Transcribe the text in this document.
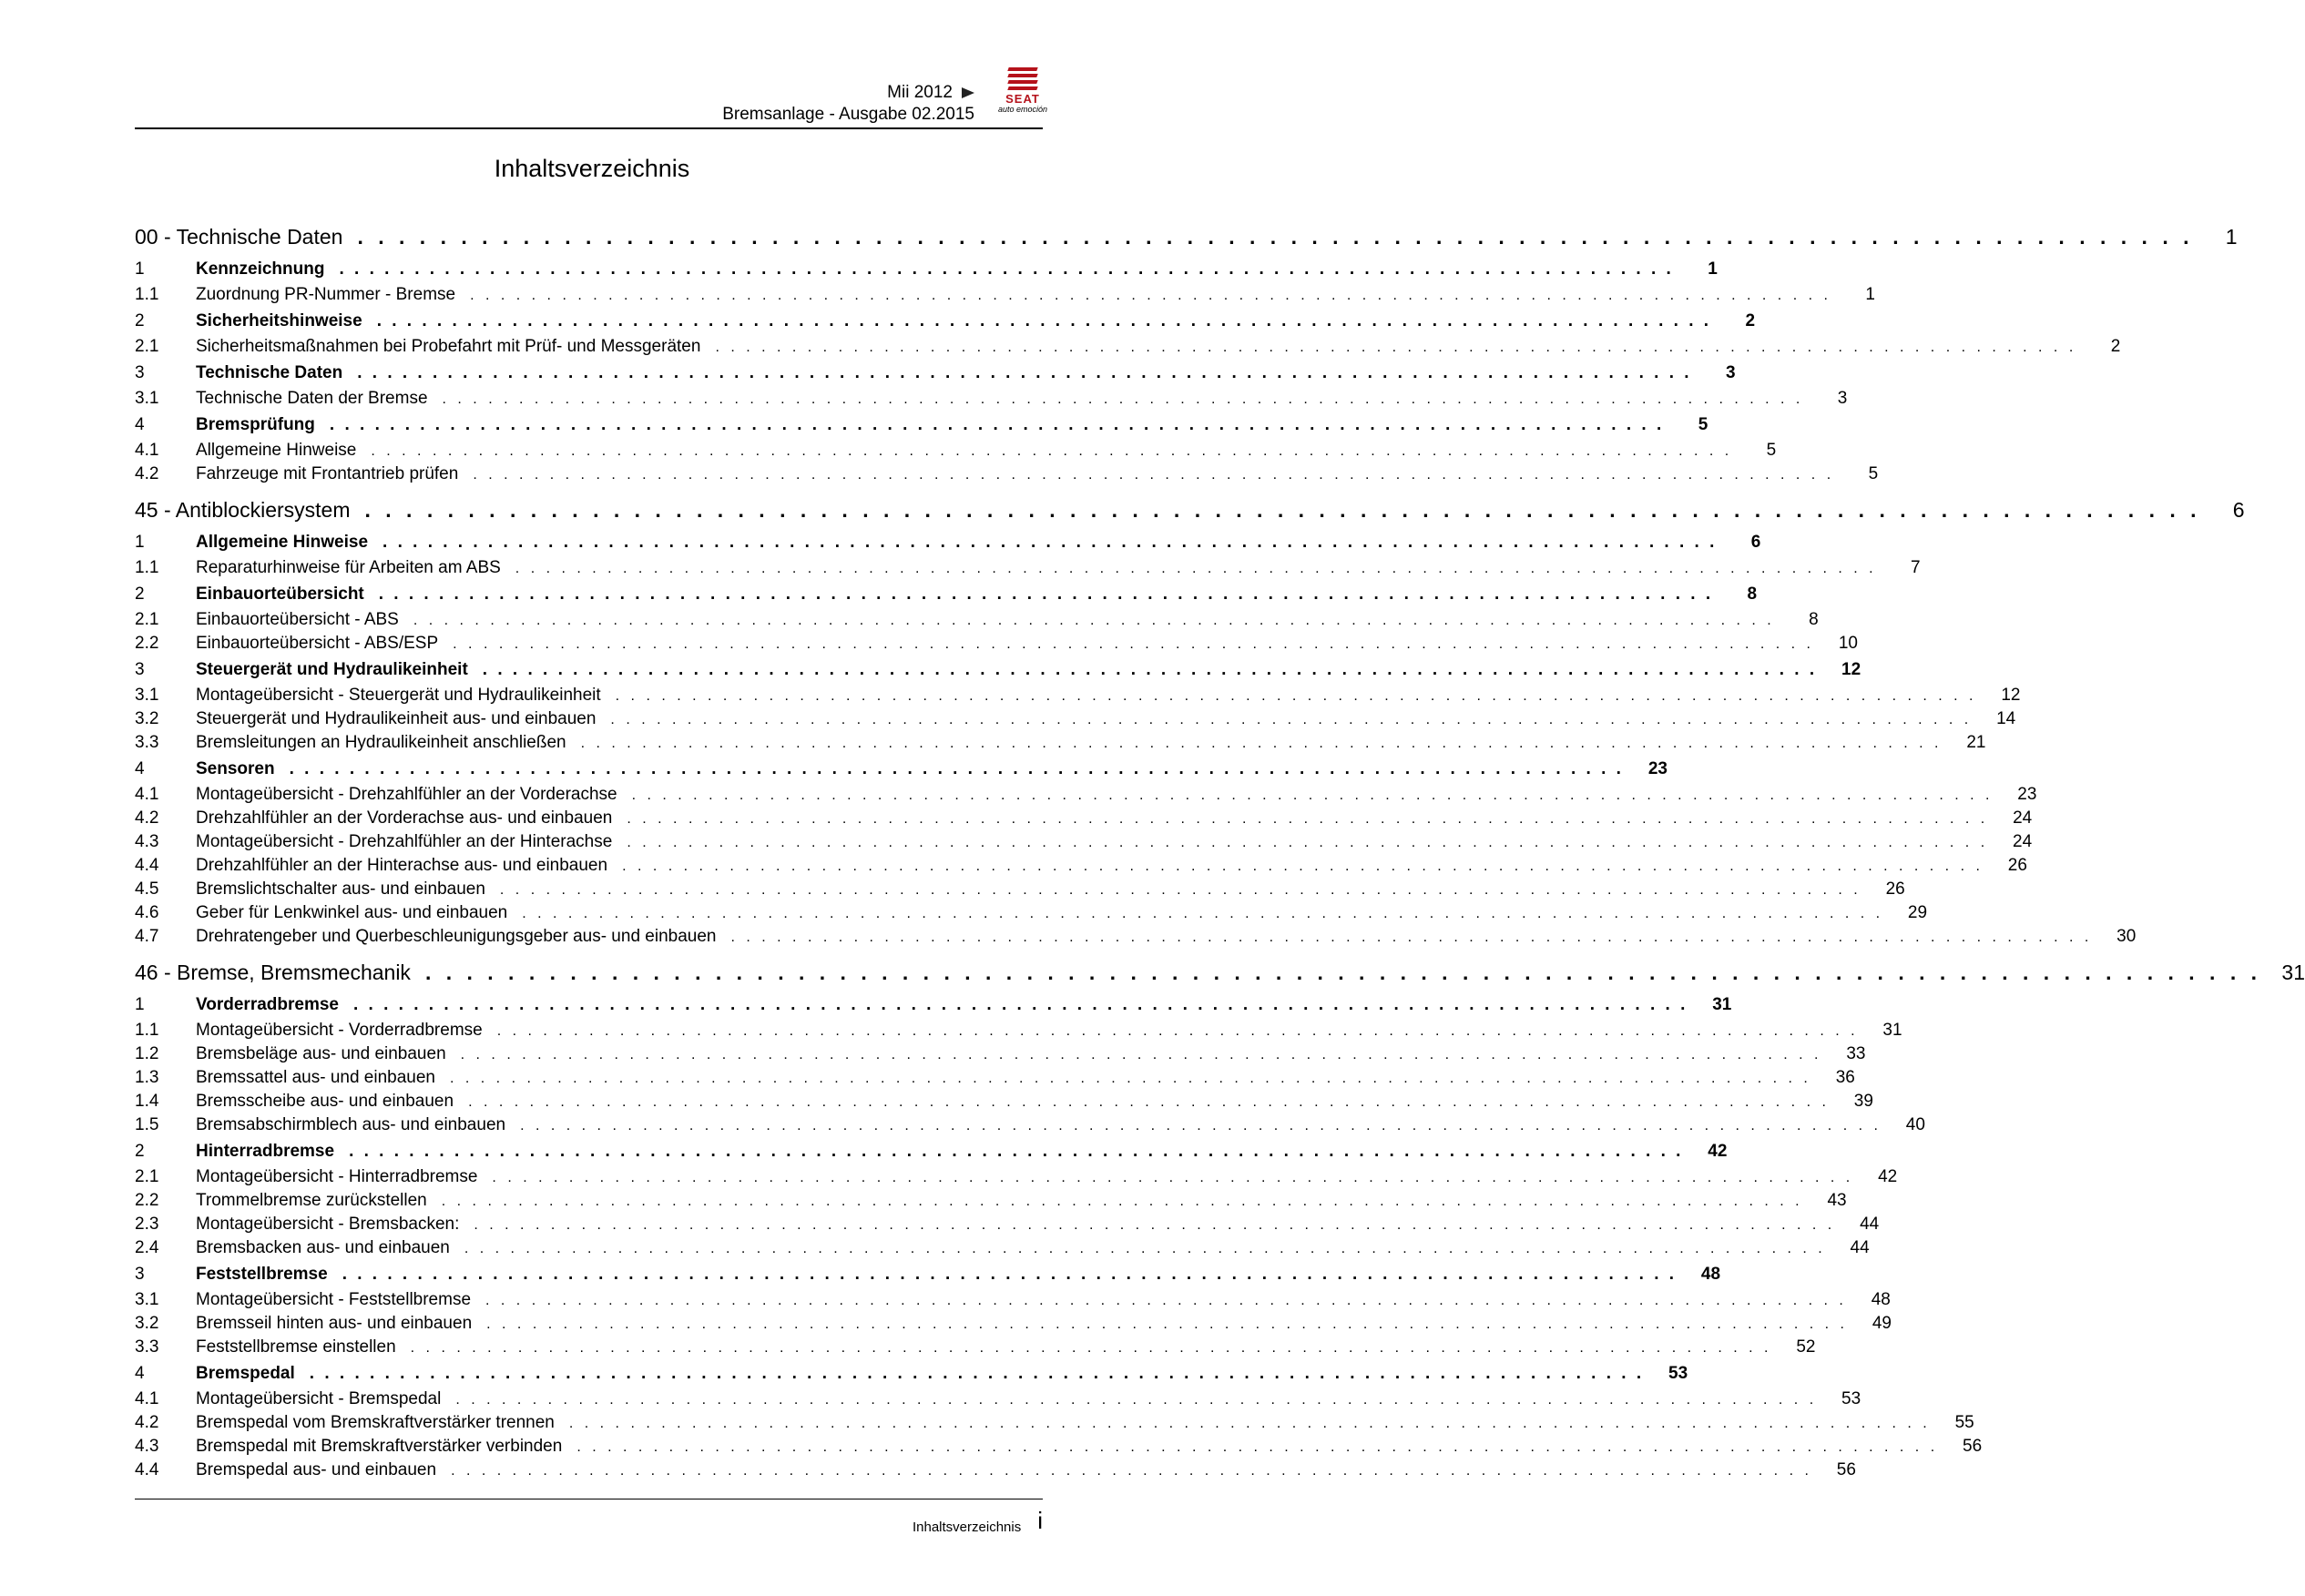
Mii 2012
Bremsanlage - Ausgabe 02.2015
SEAT
auto emoción
Inhaltsverzeichnis
00 - Technische Daten . . . . . . . . . . . . . . . . . . . . . . . . . . . . . . . . . . . . . . . . . . . . . . . . . . . . . . . . . . . . . . . . . . . . . . . . . . . . . . . . . . . . . . . . .	1
1	Kennzeichnung . . . . . . . . . . . . . . . . . . . . . . . . . . . . . . . . . . . . . . . . . . . . . . . . . . . . . . . . . . . . . . . . . . . . . . . . . . . . . . . . . . . . . . . . .	1
1.1	Zuordnung PR-Nummer - Bremse . . . . . . . . . . . . . . . . . . . . . . . . . . . . . . . . . . . . . . . . . . . . . . . . . . . . . . . . . . . . . . . . . . . . . . . . . . . . . . . . . . . . . . . . .	1
2	Sicherheitshinweise . . . . . . . . . . . . . . . . . . . . . . . . . . . . . . . . . . . . . . . . . . . . . . . . . . . . . . . . . . . . . . . . . . . . . . . . . . . . . . . . . . . . . . . . .	2
2.1	Sicherheitsmaßnahmen bei Probefahrt mit Prüf- und Messgeräten . . . . . . . . . . . . . . . . . . . . . . . . . . . . . . . . . . . . . . . . . . . . . . . . . . . . . . . . . . . . . . . . . . . . . . . . . . . . . . . . . . . . . . . . .	2
3	Technische Daten . . . . . . . . . . . . . . . . . . . . . . . . . . . . . . . . . . . . . . . . . . . . . . . . . . . . . . . . . . . . . . . . . . . . . . . . . . . . . . . . . . . . . . . . .	3
3.1	Technische Daten der Bremse . . . . . . . . . . . . . . . . . . . . . . . . . . . . . . . . . . . . . . . . . . . . . . . . . . . . . . . . . . . . . . . . . . . . . . . . . . . . . . . . . . . . . . . . .	3
4	Bremsprüfung . . . . . . . . . . . . . . . . . . . . . . . . . . . . . . . . . . . . . . . . . . . . . . . . . . . . . . . . . . . . . . . . . . . . . . . . . . . . . . . . . . . . . . . . .	5
4.1	Allgemeine Hinweise . . . . . . . . . . . . . . . . . . . . . . . . . . . . . . . . . . . . . . . . . . . . . . . . . . . . . . . . . . . . . . . . . . . . . . . . . . . . . . . . . . . . . . . . .	5
4.2	Fahrzeuge mit Frontantrieb prüfen . . . . . . . . . . . . . . . . . . . . . . . . . . . . . . . . . . . . . . . . . . . . . . . . . . . . . . . . . . . . . . . . . . . . . . . . . . . . . . . . . . . . . . . . .	5
45 - Antiblockiersystem . . . . . . . . . . . . . . . . . . . . . . . . . . . . . . . . . . . . . . . . . . . . . . . . . . . . . . . . . . . . . . . . . . . . . . . . . . . . . . . . . . . . . . . . .	6
1	Allgemeine Hinweise . . . . . . . . . . . . . . . . . . . . . . . . . . . . . . . . . . . . . . . . . . . . . . . . . . . . . . . . . . . . . . . . . . . . . . . . . . . . . . . . . . . . . . . . .	6
1.1	Reparaturhinweise für Arbeiten am ABS . . . . . . . . . . . . . . . . . . . . . . . . . . . . . . . . . . . . . . . . . . . . . . . . . . . . . . . . . . . . . . . . . . . . . . . . . . . . . . . . . . . . . . . . .	7
2	Einbauorteübersicht . . . . . . . . . . . . . . . . . . . . . . . . . . . . . . . . . . . . . . . . . . . . . . . . . . . . . . . . . . . . . . . . . . . . . . . . . . . . . . . . . . . . . . . . .	8
2.1	Einbauorteübersicht - ABS . . . . . . . . . . . . . . . . . . . . . . . . . . . . . . . . . . . . . . . . . . . . . . . . . . . . . . . . . . . . . . . . . . . . . . . . . . . . . . . . . . . . . . . . .	8
2.2	Einbauorteübersicht - ABS/ESP . . . . . . . . . . . . . . . . . . . . . . . . . . . . . . . . . . . . . . . . . . . . . . . . . . . . . . . . . . . . . . . . . . . . . . . . . . . . . . . . . . . . . . . . .	10
3	Steuergerät und Hydraulikeinheit . . . . . . . . . . . . . . . . . . . . . . . . . . . . . . . . . . . . . . . . . . . . . . . . . . . . . . . . . . . . . . . . . . . . . . . . . . . . . . . . . . . . . . . . .	12
3.1	Montageübersicht - Steuergerät und Hydraulikeinheit . . . . . . . . . . . . . . . . . . . . . . . . . . . . . . . . . . . . . . . . . . . . . . . . . . . . . . . . . . . . . . . . . . . . . . . . . . . . . . . . . . . . . . . . .	12
3.2	Steuergerät und Hydraulikeinheit aus- und einbauen . . . . . . . . . . . . . . . . . . . . . . . . . . . . . . . . . . . . . . . . . . . . . . . . . . . . . . . . . . . . . . . . . . . . . . . . . . . . . . . . . . . . . . . . .	14
3.3	Bremsleitungen an Hydraulikeinheit anschließen . . . . . . . . . . . . . . . . . . . . . . . . . . . . . . . . . . . . . . . . . . . . . . . . . . . . . . . . . . . . . . . . . . . . . . . . . . . . . . . . . . . . . . . . .	21
4	Sensoren . . . . . . . . . . . . . . . . . . . . . . . . . . . . . . . . . . . . . . . . . . . . . . . . . . . . . . . . . . . . . . . . . . . . . . . . . . . . . . . . . . . . . . . . .	23
4.1	Montageübersicht - Drehzahlfühler an der Vorderachse . . . . . . . . . . . . . . . . . . . . . . . . . . . . . . . . . . . . . . . . . . . . . . . . . . . . . . . . . . . . . . . . . . . . . . . . . . . . . . . . . . . . . . . . .	23
4.2	Drehzahlfühler an der Vorderachse aus- und einbauen . . . . . . . . . . . . . . . . . . . . . . . . . . . . . . . . . . . . . . . . . . . . . . . . . . . . . . . . . . . . . . . . . . . . . . . . . . . . . . . . . . . . . . . . .	24
4.3	Montageübersicht - Drehzahlfühler an der Hinterachse . . . . . . . . . . . . . . . . . . . . . . . . . . . . . . . . . . . . . . . . . . . . . . . . . . . . . . . . . . . . . . . . . . . . . . . . . . . . . . . . . . . . . . . . .	24
4.4	Drehzahlfühler an der Hinterachse aus- und einbauen . . . . . . . . . . . . . . . . . . . . . . . . . . . . . . . . . . . . . . . . . . . . . . . . . . . . . . . . . . . . . . . . . . . . . . . . . . . . . . . . . . . . . . . . .	26
4.5	Bremslichtschalter aus- und einbauen . . . . . . . . . . . . . . . . . . . . . . . . . . . . . . . . . . . . . . . . . . . . . . . . . . . . . . . . . . . . . . . . . . . . . . . . . . . . . . . . . . . . . . . . .	26
4.6	Geber für Lenkwinkel aus- und einbauen . . . . . . . . . . . . . . . . . . . . . . . . . . . . . . . . . . . . . . . . . . . . . . . . . . . . . . . . . . . . . . . . . . . . . . . . . . . . . . . . . . . . . . . . .	29
4.7	Drehratengeber und Querbeschleunigungsgeber aus- und einbauen . . . . . . . . . . . . . . . . . . . . . . . . . . . . . . . . . . . . . . . . . . . . . . . . . . . . . . . . . . . . . . . . . . . . . . . . . . . . . . . . . . . . . . . . .	30
46 - Bremse, Bremsmechanik . . . . . . . . . . . . . . . . . . . . . . . . . . . . . . . . . . . . . . . . . . . . . . . . . . . . . . . . . . . . . . . . . . . . . . . . . . . . . . . . . . . . . . . . . 31
1	Vorderradbremse . . . . . . . . . . . . . . . . . . . . . . . . . . . . . . . . . . . . . . . . . . . . . . . . . . . . . . . . . . . . . . . . . . . . . . . . . . . . . . . . . . . . . . . . .	31
1.1	Montageübersicht - Vorderradbremse . . . . . . . . . . . . . . . . . . . . . . . . . . . . . . . . . . . . . . . . . . . . . . . . . . . . . . . . . . . . . . . . . . . . . . . . . . . . . . . . . . . . . . . . .	31
1.2	Bremsbeläge aus- und einbauen . . . . . . . . . . . . . . . . . . . . . . . . . . . . . . . . . . . . . . . . . . . . . . . . . . . . . . . . . . . . . . . . . . . . . . . . . . . . . . . . . . . . . . . . .	33
1.3	Bremssattel aus- und einbauen . . . . . . . . . . . . . . . . . . . . . . . . . . . . . . . . . . . . . . . . . . . . . . . . . . . . . . . . . . . . . . . . . . . . . . . . . . . . . . . . . . . . . . . . .	36
1.4	Bremsscheibe aus- und einbauen . . . . . . . . . . . . . . . . . . . . . . . . . . . . . . . . . . . . . . . . . . . . . . . . . . . . . . . . . . . . . . . . . . . . . . . . . . . . . . . . . . . . . . . . .	39
1.5	Bremsabschirmblech aus- und einbauen . . . . . . . . . . . . . . . . . . . . . . . . . . . . . . . . . . . . . . . . . . . . . . . . . . . . . . . . . . . . . . . . . . . . . . . . . . . . . . . . . . . . . . . . .	40
2	Hinterradbremse . . . . . . . . . . . . . . . . . . . . . . . . . . . . . . . . . . . . . . . . . . . . . . . . . . . . . . . . . . . . . . . . . . . . . . . . . . . . . . . . . . . . . . . . .	42
2.1	Montageübersicht - Hinterradbremse . . . . . . . . . . . . . . . . . . . . . . . . . . . . . . . . . . . . . . . . . . . . . . . . . . . . . . . . . . . . . . . . . . . . . . . . . . . . . . . . . . . . . . . . .	42
2.2	Trommelbremse zurückstellen . . . . . . . . . . . . . . . . . . . . . . . . . . . . . . . . . . . . . . . . . . . . . . . . . . . . . . . . . . . . . . . . . . . . . . . . . . . . . . . . . . . . . . . . .	43
2.3	Montageübersicht - Bremsbacken: . . . . . . . . . . . . . . . . . . . . . . . . . . . . . . . . . . . . . . . . . . . . . . . . . . . . . . . . . . . . . . . . . . . . . . . . . . . . . . . . . . . . . . . . .	44
2.4	Bremsbacken aus- und einbauen . . . . . . . . . . . . . . . . . . . . . . . . . . . . . . . . . . . . . . . . . . . . . . . . . . . . . . . . . . . . . . . . . . . . . . . . . . . . . . . . . . . . . . . . .	44
3	Feststellbremse . . . . . . . . . . . . . . . . . . . . . . . . . . . . . . . . . . . . . . . . . . . . . . . . . . . . . . . . . . . . . . . . . . . . . . . . . . . . . . . . . . . . . . . . .	48
3.1	Montageübersicht - Feststellbremse . . . . . . . . . . . . . . . . . . . . . . . . . . . . . . . . . . . . . . . . . . . . . . . . . . . . . . . . . . . . . . . . . . . . . . . . . . . . . . . . . . . . . . . . .	48
3.2	Bremsseil hinten aus- und einbauen . . . . . . . . . . . . . . . . . . . . . . . . . . . . . . . . . . . . . . . . . . . . . . . . . . . . . . . . . . . . . . . . . . . . . . . . . . . . . . . . . . . . . . . . .	49
3.3	Feststellbremse einstellen . . . . . . . . . . . . . . . . . . . . . . . . . . . . . . . . . . . . . . . . . . . . . . . . . . . . . . . . . . . . . . . . . . . . . . . . . . . . . . . . . . . . . . . . .	52
4	Bremspedal . . . . . . . . . . . . . . . . . . . . . . . . . . . . . . . . . . . . . . . . . . . . . . . . . . . . . . . . . . . . . . . . . . . . . . . . . . . . . . . . . . . . . . . . .	53
4.1	Montageübersicht - Bremspedal . . . . . . . . . . . . . . . . . . . . . . . . . . . . . . . . . . . . . . . . . . . . . . . . . . . . . . . . . . . . . . . . . . . . . . . . . . . . . . . . . . . . . . . . .	53
4.2	Bremspedal vom Bremskraftverstärker trennen . . . . . . . . . . . . . . . . . . . . . . . . . . . . . . . . . . . . . . . . . . . . . . . . . . . . . . . . . . . . . . . . . . . . . . . . . . . . . . . . . . . . . . . . .	55
4.3	Bremspedal mit Bremskraftverstärker verbinden . . . . . . . . . . . . . . . . . . . . . . . . . . . . . . . . . . . . . . . . . . . . . . . . . . . . . . . . . . . . . . . . . . . . . . . . . . . . . . . . . . . . . . . . .	56
4.4	Bremspedal aus- und einbauen . . . . . . . . . . . . . . . . . . . . . . . . . . . . . . . . . . . . . . . . . . . . . . . . . . . . . . . . . . . . . . . . . . . . . . . . . . . . . . . . . . . . . . . . .	56
Inhaltsverzeichnis i
